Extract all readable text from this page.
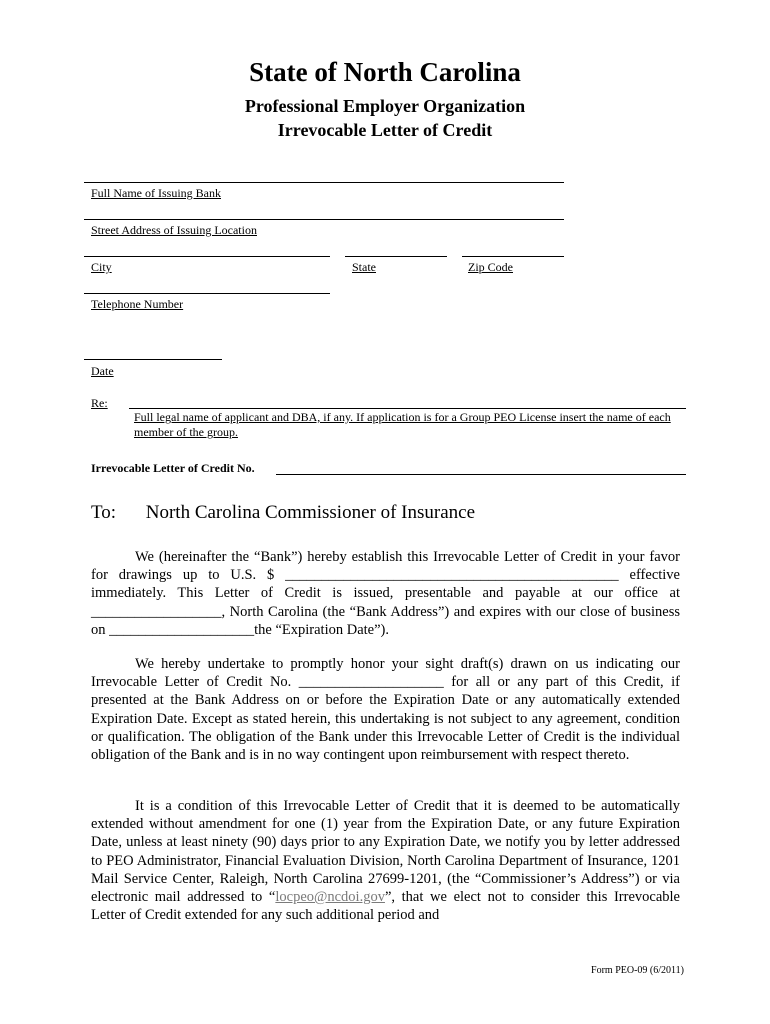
State of North Carolina
Professional Employer Organization
Irrevocable Letter of Credit
Full Name of Issuing Bank
Street Address of Issuing Location
City	State	Zip Code
Telephone Number
Date
Re:
Full legal name of applicant and DBA, if any. If application is for a Group PEO License insert the name of each member of the group.
Irrevocable Letter of Credit No.
To: North Carolina Commissioner of Insurance
We (hereinafter the “Bank”) hereby establish this Irrevocable Letter of Credit in your favor for drawings up to U.S. $ ______________________________________________ effective immediately. This Letter of Credit is issued, presentable and payable at our office at __________________, North Carolina (the “Bank Address”) and expires with our close of business on ____________________the “Expiration Date”).
We hereby undertake to promptly honor your sight draft(s) drawn on us indicating our Irrevocable Letter of Credit No. ____________________ for all or any part of this Credit, if presented at the Bank Address on or before the Expiration Date or any automatically extended Expiration Date. Except as stated herein, this undertaking is not subject to any agreement, condition or qualification. The obligation of the Bank under this Irrevocable Letter of Credit is the individual obligation of the Bank and is in no way contingent upon reimbursement with respect thereto.
It is a condition of this Irrevocable Letter of Credit that it is deemed to be automatically extended without amendment for one (1) year from the Expiration Date, or any future Expiration Date, unless at least ninety (90) days prior to any Expiration Date, we notify you by letter addressed to PEO Administrator, Financial Evaluation Division, North Carolina Department of Insurance, 1201 Mail Service Center, Raleigh, North Carolina 27699-1201, (the “Commissioner’s Address”) or via electronic mail addressed to “locpeo@ncdoi.gov”, that we elect not to consider this Irrevocable Letter of Credit extended for any such additional period and
Form PEO-09 (6/2011)
